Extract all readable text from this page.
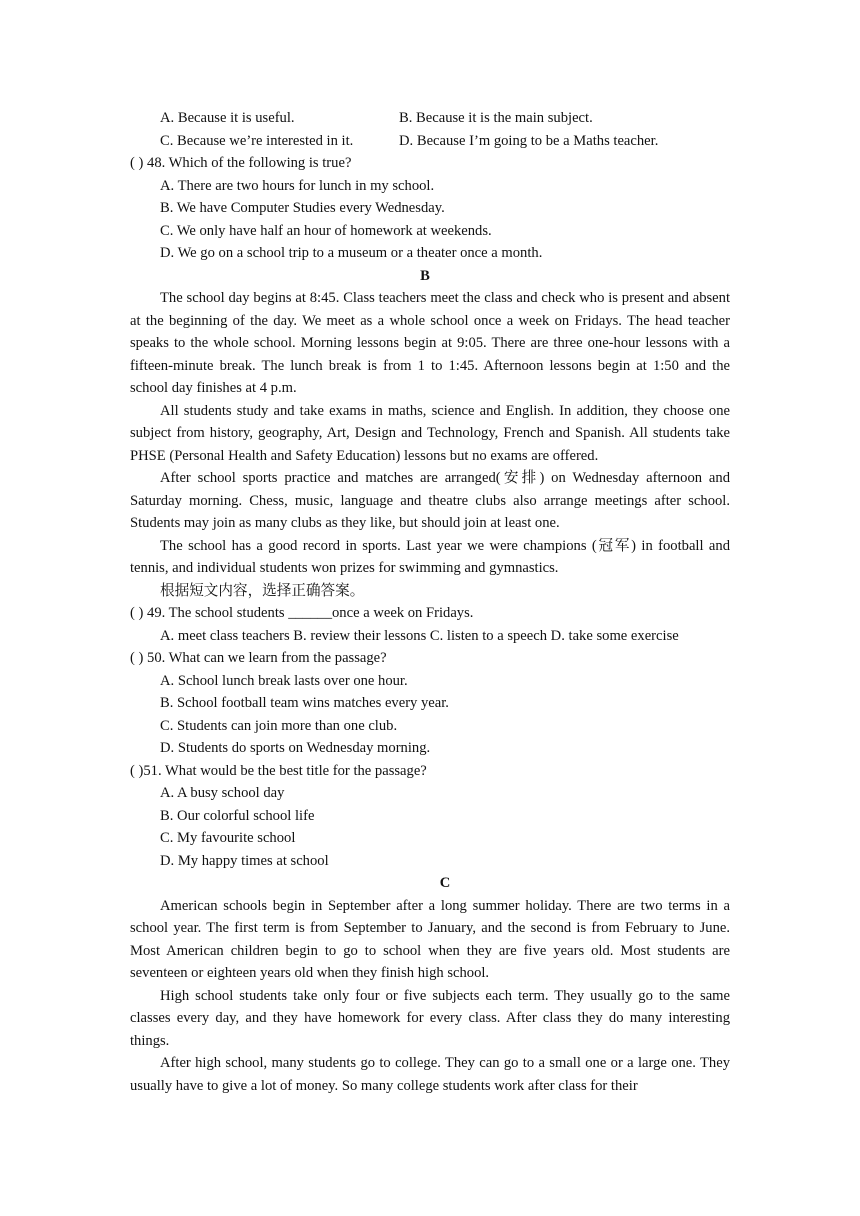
A. Because it is useful.	B. Because it is the main subject.
C. Because we’re interested in it.	D. Because I’m going to be a Maths teacher.
( ) 48. Which of the following is true?
A. There are two hours for lunch in my school.
B. We have Computer Studies every Wednesday.
C. We only have half an hour of homework at weekends.
D. We go on a school trip to a museum or a theater once a month.
B

The school day begins at 8:45. Class teachers meet the class and check who is present and absent at the beginning of the day. We meet as a whole school once a week on Fridays. The head teacher speaks to the whole school. Morning lessons begin at 9:05. There are three one-hour lessons with a fifteen-minute break. The lunch break is from 1 to 1:45. Afternoon lessons begin at 1:50 and the school day finishes at 4 p.m.

All students study and take exams in maths, science and English. In addition, they choose one subject from history, geography, Art, Design and Technology, French and Spanish. All students take PHSE (Personal Health and Safety Education) lessons but no exams are offered.

After school sports practice and matches are arranged(安排) on Wednesday afternoon and Saturday morning. Chess, music, language and theatre clubs also arrange meetings after school. Students may join as many clubs as they like, but should join at least one.

The school has a good record in sports. Last year we were champions (冠军) in football and tennis, and individual students won prizes for swimming and gymnastics.

根据短文内容，选择正确答案。
( ) 49. The school students ______once a week on Fridays.
A. meet class teachers B. review their lessons C. listen to a speech D. take some exercise
( ) 50. What can we learn from the passage?
A. School lunch break lasts over one hour.
B. School football team wins matches every year.
C. Students can join more than one club.
D. Students do sports on Wednesday morning.
( )51. What would be the best title for the passage?
A. A busy school day
B. Our colorful school life
C. My favourite school
D. My happy times at school
C

American schools begin in September after a long summer holiday. There are two terms in a school year. The first term is from September to January, and the second is from February to June. Most American children begin to go to school when they are five years old. Most students are seventeen or eighteen years old when they finish high school.

High school students take only four or five subjects each term. They usually go to the same classes every day, and they have homework for every class. After class they do many interesting things.

After high school, many students go to college. They can go to a small one or a large one. They usually have to give a lot of money. So many college students work after class for their
